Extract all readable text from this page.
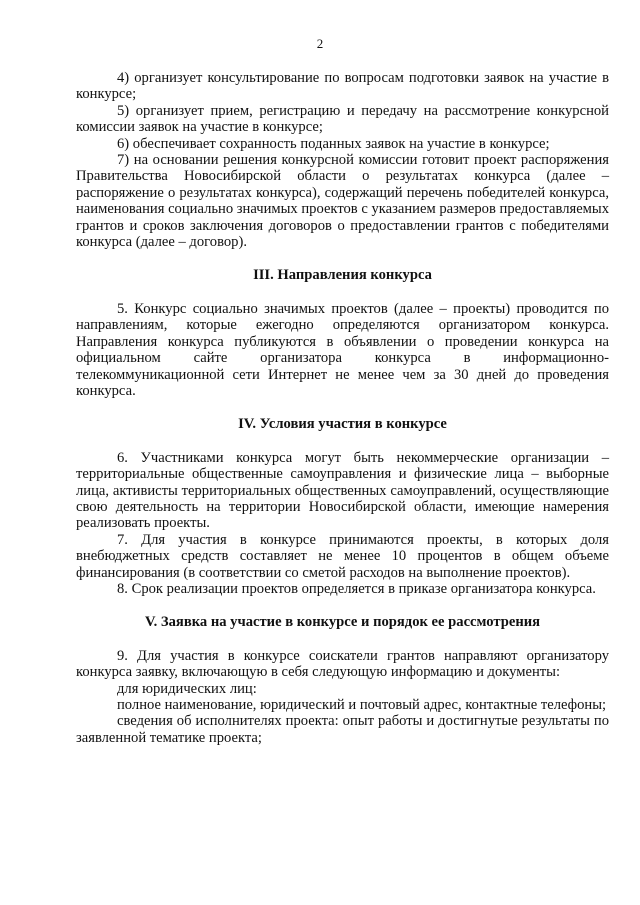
2

4) организует консультирование по вопросам подготовки заявок на участие в конкурсе;

5) организует прием, регистрацию и передачу на рассмотрение конкурсной комиссии заявок на участие в конкурсе;

6) обеспечивает сохранность поданных заявок на участие в конкурсе;

7) на основании решения конкурсной комиссии готовит проект распоряжения Правительства Новосибирской области о результатах конкурса (далее – распоряжение о результатах конкурса), содержащий перечень победителей конкурса, наименования социально значимых проектов с указанием размеров предоставляемых грантов и сроков заключения договоров о предоставлении грантов с победителями конкурса (далее – договор).

III. Направления конкурса

5. Конкурс социально значимых проектов (далее – проекты) проводится по направлениям, которые ежегодно определяются организатором конкурса. Направления конкурса публикуются в объявлении о проведении конкурса на официальном сайте организатора конкурса в информационно-телекоммуникационной сети Интернет не менее чем за 30 дней до проведения конкурса.

IV. Условия участия в конкурсе

6. Участниками конкурса могут быть некоммерческие организации – территориальные общественные самоуправления и физические лица – выборные лица, активисты территориальных общественных самоуправлений, осуществляющие свою деятельность на территории Новосибирской области, имеющие намерения реализовать проекты.

7. Для участия в конкурсе принимаются проекты, в которых доля внебюджетных средств составляет не менее 10 процентов в общем объеме финансирования (в соответствии со сметой расходов на выполнение проектов).

8. Срок реализации проектов определяется в приказе организатора конкурса.

V. Заявка на участие в конкурсе и порядок ее рассмотрения

9. Для участия в конкурсе соискатели грантов направляют организатору конкурса заявку, включающую в себя следующую информацию и документы:

для юридических лиц:

полное наименование, юридический и почтовый адрес, контактные телефоны;

сведения об исполнителях проекта: опыт работы и достигнутые результаты по заявленной тематике проекта;
